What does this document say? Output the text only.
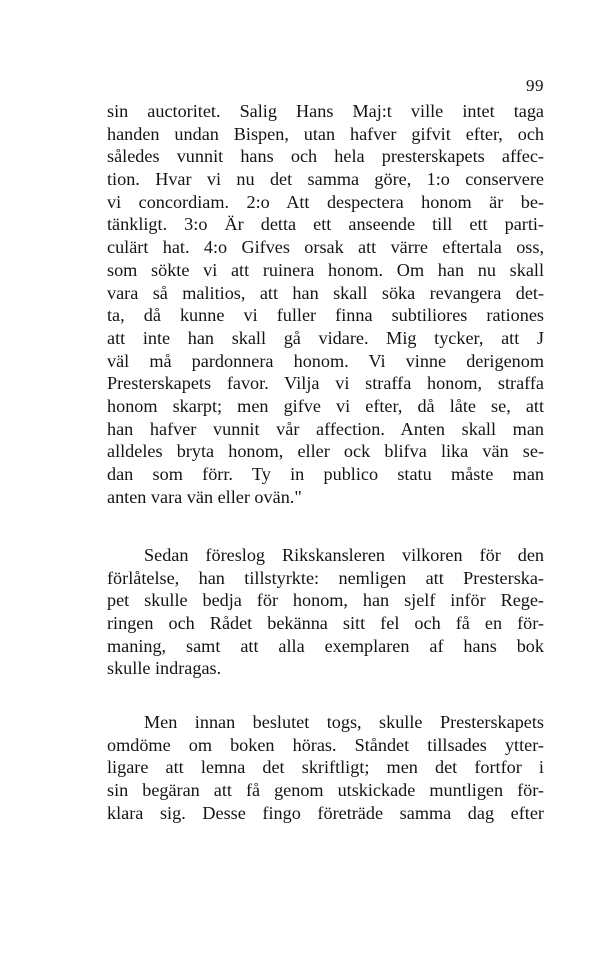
99
sin auctoritet. Salig Hans Maj:t ville intet taga
handen undan Bispen, utan hafver gifvit efter, och
således vunnit hans och hela presterskapets affec-
tion. Hvar vi nu det samma göre, 1:o conservere
vi concordiam. 2:o Att despectera honom är be-
tänkligt. 3:o Är detta ett anseende till ett parti-
culärt hat. 4:o Gifves orsak att värre eftertala oss,
som sökte vi att ruinera honom. Om han nu skall
vara så malitios, att han skall söka revangera det-
ta, då kunne vi fuller finna subtiliores rationes
att inte han skall gå vidare. Mig tycker, att J
väl må pardonnera honom. Vi vinne derigenom
Presterskapets favor. Vilja vi straffa honom, straffa
honom skarpt; men gifve vi efter, då låte se, att
han hafver vunnit vår affection. Anten skall man
alldeles bryta honom, eller ock blifva lika vän se-
dan som förr. Ty in publico statu måste man
anten vara vän eller ovän."
Sedan föreslog Rikskansleren vilkoren för den
förlåtelse, han tillstyrkte: nemligen att Presterska-
pet skulle bedja för honom, han sjelf inför Rege-
ringen och Rådet bekänna sitt fel och få en för-
maning, samt att alla exemplaren af hans bok
skulle indragas.
Men innan beslutet togs, skulle Presterskapets
omdöme om boken höras. Ståndet tillsades ytter-
ligare att lemna det skriftligt; men det fortfor i
sin begäran att få genom utskickade muntligen för-
klara sig. Desse fingo företräde samma dag efter
